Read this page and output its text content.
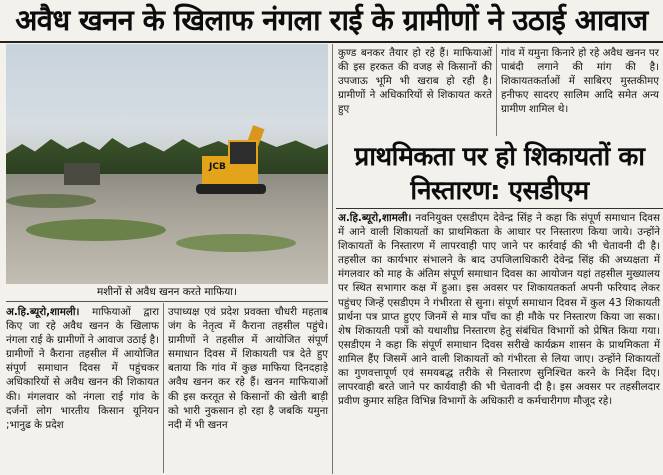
अवैध खनन के खिलाफ नंगला राई के ग्रामीणों ने उठाई आवाज
JCB
मशीनों से अवैध खनन करते माफिया।
कुण्ड बनकर तैयार हो रहे हैं। माफियाओं की इस हरकत की वजह से किसानों की उपजाऊ भूमि भी खराब हो रही है। ग्रामीणों ने अधिकारियों से शिकायत करते हुए
गांव में यमुना किनारे हो रहे अवैध खनन पर पाबंदी लगाने की मांग की है। शिकायतकर्ताओं में साबिरए मुस्तकीमए हनीफए सादरए सालिम आदि समेत अन्य ग्रामीण शामिल थे।
अ.हि.ब्यूरो,शामली। माफियाओं द्वारा किए जा रहे अवैध खनन के खिलाफ नंगला राई के ग्रामीणों ने आवाज उठाई है। ग्रामीणों ने कैराना तहसील में आयोजित संपूर्ण समाधान दिवस में पहुंचकर अधिकारियों से अवैध खनन की शिकायत की। मंगलवार को नंगला राई गांव के दर्जनों लोग भारतीय किसान यूनियन ;भानुढ के प्रदेश
उपाध्यक्ष एवं प्रदेश प्रवक्ता चौधरी महताब जंग के नेतृत्व में कैराना तहसील पहुंचे। ग्रामीणों ने तहसील में आयोजित संपूर्ण समाधान दिवस में शिकायती पत्र देते हुए बताया कि गांव में कुछ माफिया दिनदहाड़े अवैध खनन कर रहे हैं। खनन माफियाओं की इस करतूत से किसानों की खेती बाड़ी को भारी नुकसान हो रहा है जबकि यमुना नदी में भी खनन
प्राथमिकता पर हो शिकायतों का निस्तारण: एसडीएम
अ.हि.ब्यूरो,शामली। नवनियुक्त एसडीएम देवेन्द्र सिंह ने कहा कि संपूर्ण समाधान दिवस में आने वाली शिकायतों का प्राथमिकता के आधार पर निस्तारण किया जाये। उन्होंने शिकायतों के निस्तारण में लापरवाही पाए जाने पर कार्रवाई की भी चेतावनी दी है। तहसील का कार्यभार संभालने के बाद उपजिलाधिकारी देवेन्द्र सिंह की अध्यक्षता में मंगलवार को माह के अंतिम संपूर्ण समाधान दिवस का आयोजन यहां तहसील मुख्यालय पर स्थित सभागार कक्ष में हुआ। इस अवसर पर शिकायतकर्ता अपनी फरियाद लेकर पहुंचए जिन्हें एसडीएम ने गंभीरता से सुना। संपूर्ण समाधान दिवस में कुल 43 शिकायती प्रार्थना पत्र प्राप्त हुएए जिनमें से मात्र पाँच का ही मौके पर निस्तारण किया जा सका। शेष शिकायती पत्रों को यथाशीघ्र निस्तारण हेतु संबंधित विभागों को प्रेषित किया गया। एसडीएम ने कहा कि संपूर्ण समाधान दिवस सरीखे कार्यक्रम शासन के प्राथमिकता में शामिल हैंए जिसमें आने वाली शिकायतों को गंभीरता से लिया जाए। उन्होंने शिकायतों का गुणवत्तापूर्ण एवं समयबद्ध तरीके से निस्तारण सुनिश्चित करने के निर्देश दिए। लापरवाही बरते जाने पर कार्यवाही की भी चेतावनी दी है। इस अवसर पर तहसीलदार प्रवीण कुमार सहित विभिन्न विभागों के अधिकारी व कर्मचारीगण मौजूद रहे।
